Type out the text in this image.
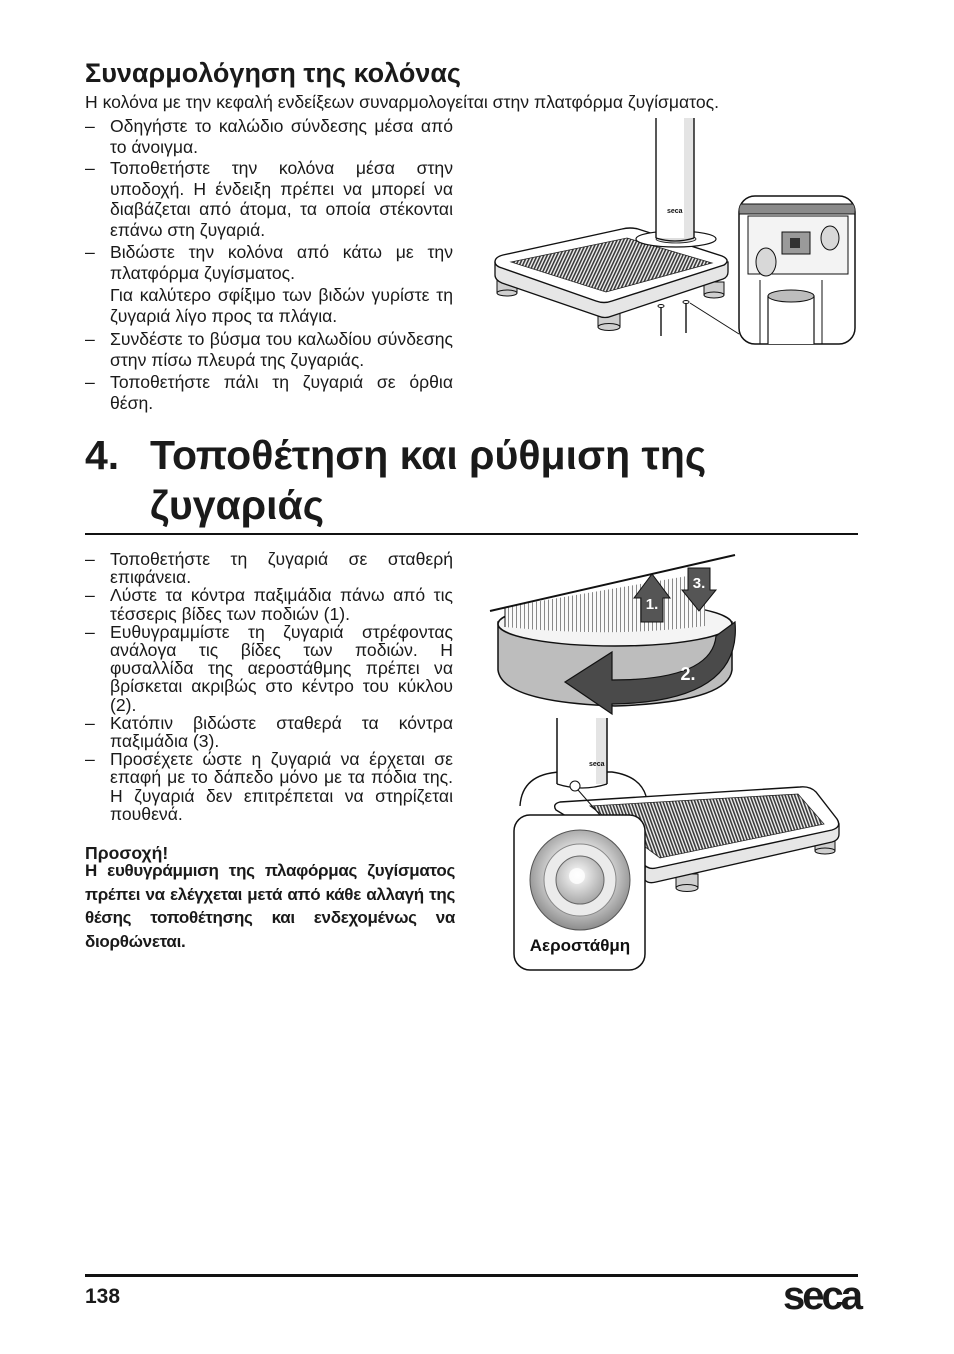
Συναρμολόγηση της κολόνας
Η κολόνα με την κεφαλή ενδείξεων συναρμολογείται στην πλατφόρμα ζυγίσματος.
– Οδηγήστε το καλώδιο σύνδεσης μέσα από το άνοιγμα.

– Τοποθετήστε την κολόνα μέσα στην υποδοχή. Η ένδειξη πρέπει να μπορεί να διαβάζεται από άτομα, τα οποία στέκονται επάνω στη ζυγαριά.

– Βιδώστε την κολόνα από κάτω με την πλατφόρμα ζυγίσματος.

Για καλύτερο σφίξιμο των βιδών γυρίστε τη ζυγαριά λίγο προς τα πλάγια.

– Συνδέστε το βύσμα του καλωδίου σύνδεσης στην πίσω πλευρά της ζυγαριάς.

– Τοποθετήστε πάλι τη ζυγαριά σε όρθια θέση.

seca
4. Τοποθέτηση και ρύθμιση της ζυγαριάς
– Τοποθετήστε τη ζυγαριά σε σταθερή επιφάνεια.

– Λύστε τα κόντρα παξιμάδια πάνω από τις τέσσερις βίδες των ποδιών (1).

– Ευθυγραμμίστε τη ζυγαριά στρέφοντας ανάλογα τις βίδες των ποδιών. Η φυσαλλίδα της αεροστάθμης πρέπει να βρίσκεται ακριβώς στο κέντρο του κύκλου (2).

– Κατόπιν βιδώστε σταθερά τα κόντρα παξιμάδια (3).

– Προσέχετε ώστε η ζυγαριά να έρχεται σε επαφή με το δάπεδο μόνο με τα πόδια της. Η ζυγαριά δεν επιτρέπεται να στηρίζεται πουθενά.

Προσοχή!
Η ευθυγράμμιση της πλαφόρμας ζυγίσματος πρέπει να ελέγχεται μετά από κάθε αλλαγή της θέσης τοποθέτησης και ενδεχομένως να διορθώνεται.
1.
3.
2.
seca
Αεροστάθμη
138	seca
